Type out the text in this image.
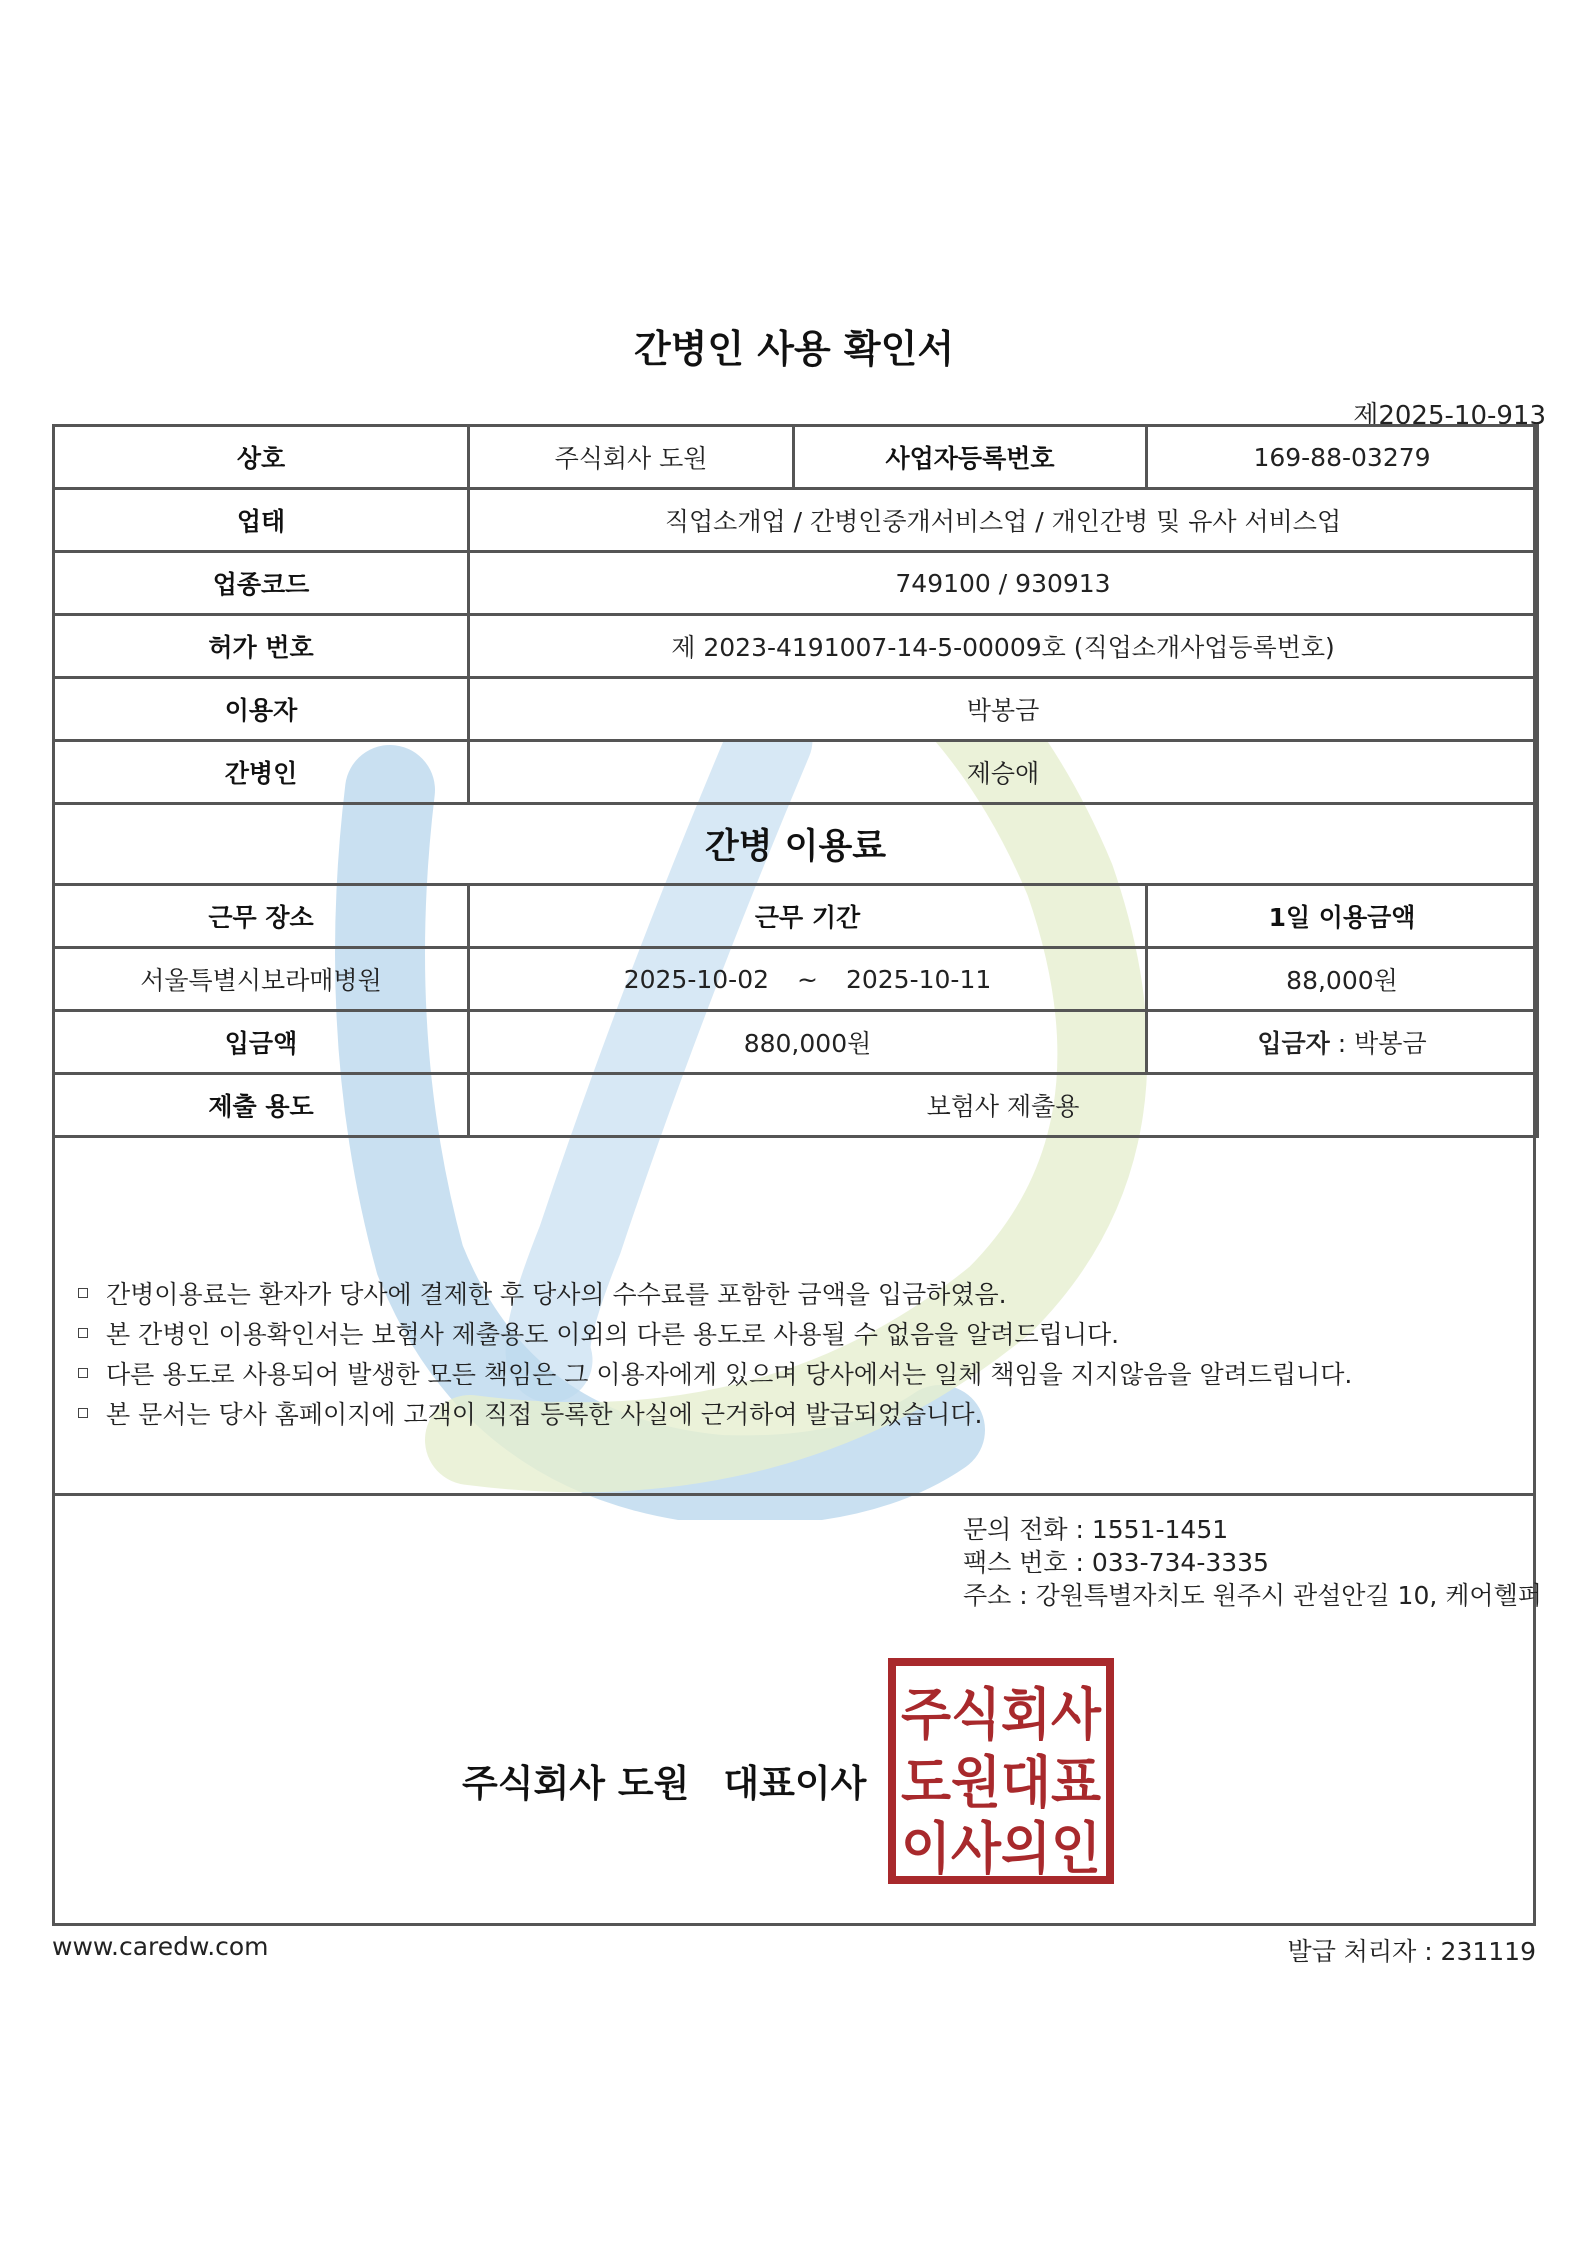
간병인 사용 확인서
제2025-10-913
상호	주식회사 도원	사업자등록번호	169-88-03279
업태	직업소개업 / 간병인중개서비스업 / 개인간병 및 유사 서비스업		
업종코드	749100 / 930913		
허가 번호	제 2023-4191007-14-5-00009호 (직업소개사업등록번호)		
이용자	박봉금		
간병인	제승애		
간병 이용료			
근무 장소	근무 기간		1일 이용금액
서울특별시보라매병원	2025-10-02 ~ 2025-10-11		88,000원
입금액	880,000원		입금자 : 박봉금
제출 용도	보험사 제출용		
간병이용료는 환자가 당사에 결제한 후 당사의 수수료를 포함한 금액을 입금하였음.
본 간병인 이용확인서는 보험사 제출용도 이외의 다른 용도로 사용될 수 없음을 알려드립니다.
다른 용도로 사용되어 발생한 모든 책임은 그 이용자에게 있으며 당사에서는 일체 책임을 지지않음을 알려드립니다.
본 문서는 당사 홈페이지에 고객이 직접 등록한 사실에 근거하여 발급되었습니다.
문의 전화 : 1551-1451
팩스 번호 : 033-734-3335
주소 : 강원특별자치도 원주시 관설안길 10, 케어헬퍼
주식회사 도원 대표이사
주식회사
도원대표
이사의인
www.caredw.com	발급 처리자 : 231119
